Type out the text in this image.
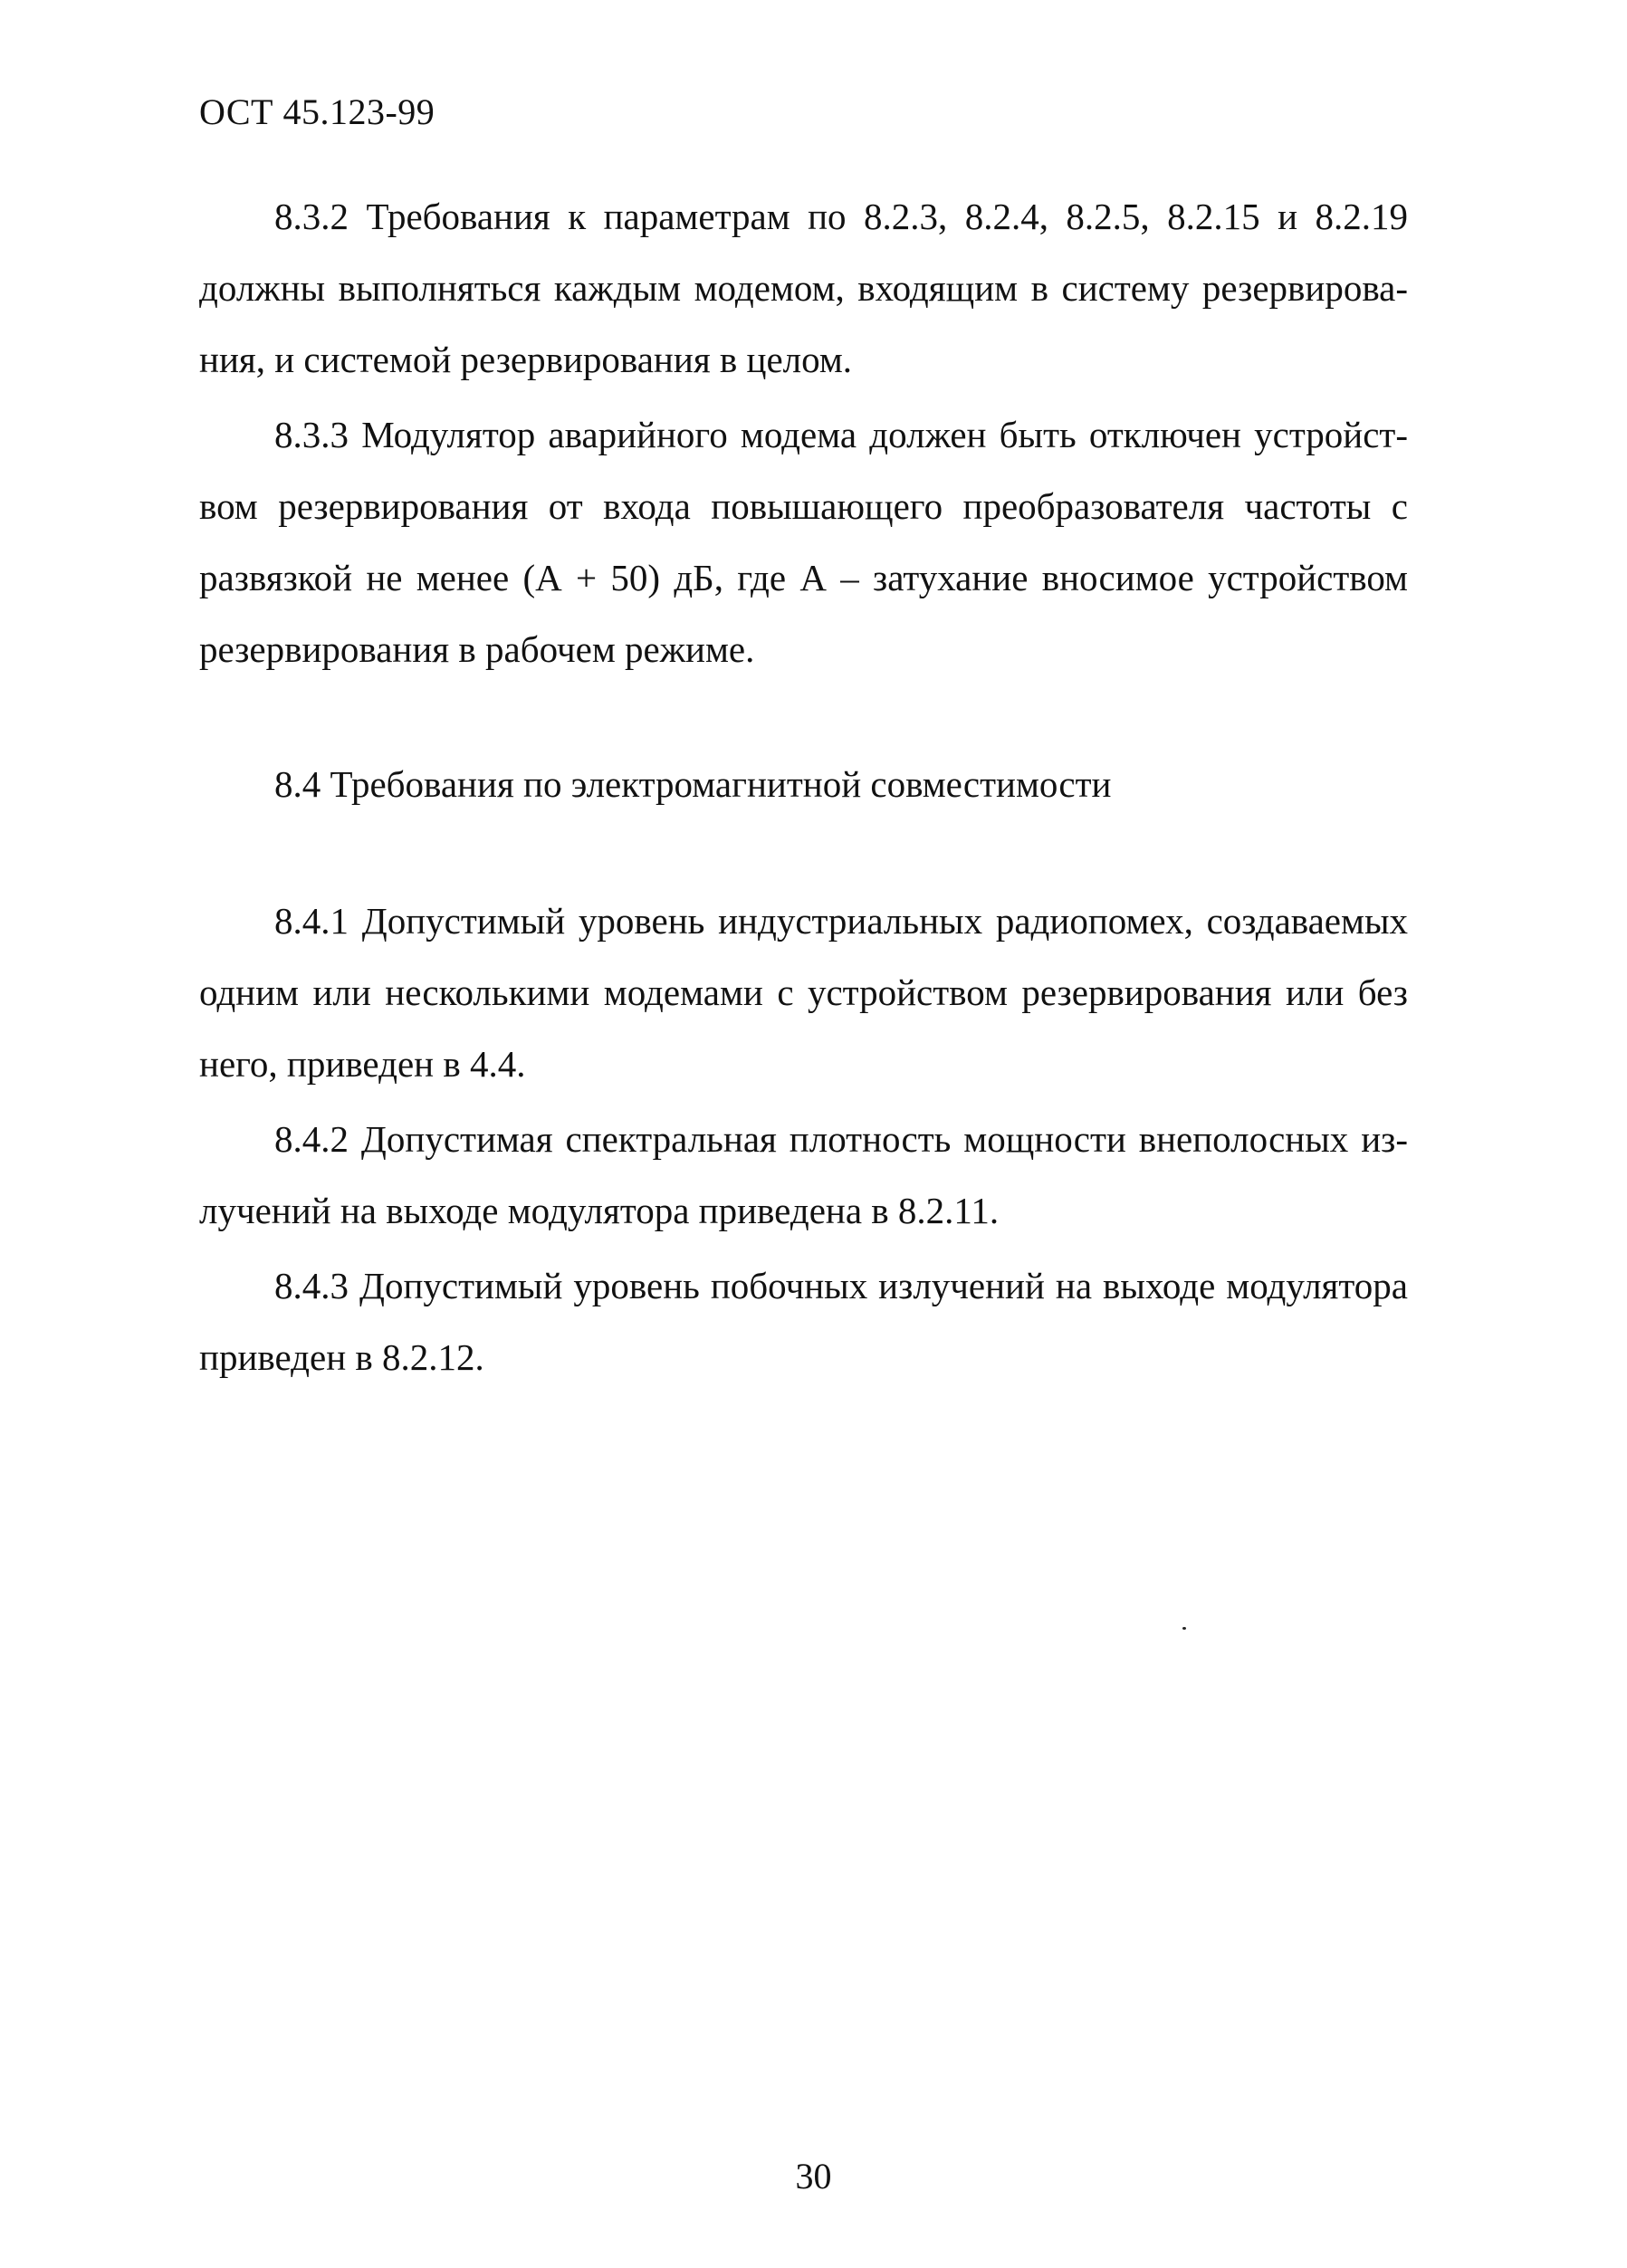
ОСТ 45.123-99
8.3.2 Требования к параметрам по 8.2.3, 8.2.4, 8.2.5, 8.2.15 и 8.2.19
должны выполняться каждым модемом, входящим в систему резервирова-
ния, и системой резервирования в целом.
8.3.3 Модулятор аварийного модема должен быть отключен устройст-
вом резервирования от входа повышающего преобразователя частоты с
развязкой не менее (А + 50) дБ, где А – затухание вносимое устройством
резервирования в рабочем режиме.
8.4 Требования по электромагнитной совместимости
8.4.1 Допустимый уровень индустриальных радиопомех, создаваемых
одним или несколькими модемами с устройством резервирования или без
него, приведен в 4.4.
8.4.2 Допустимая спектральная плотность мощности внеполосных из-
лучений на выходе модулятора приведена в 8.2.11.
8.4.3 Допустимый уровень побочных излучений на выходе модулятора
приведен в 8.2.12.
30
